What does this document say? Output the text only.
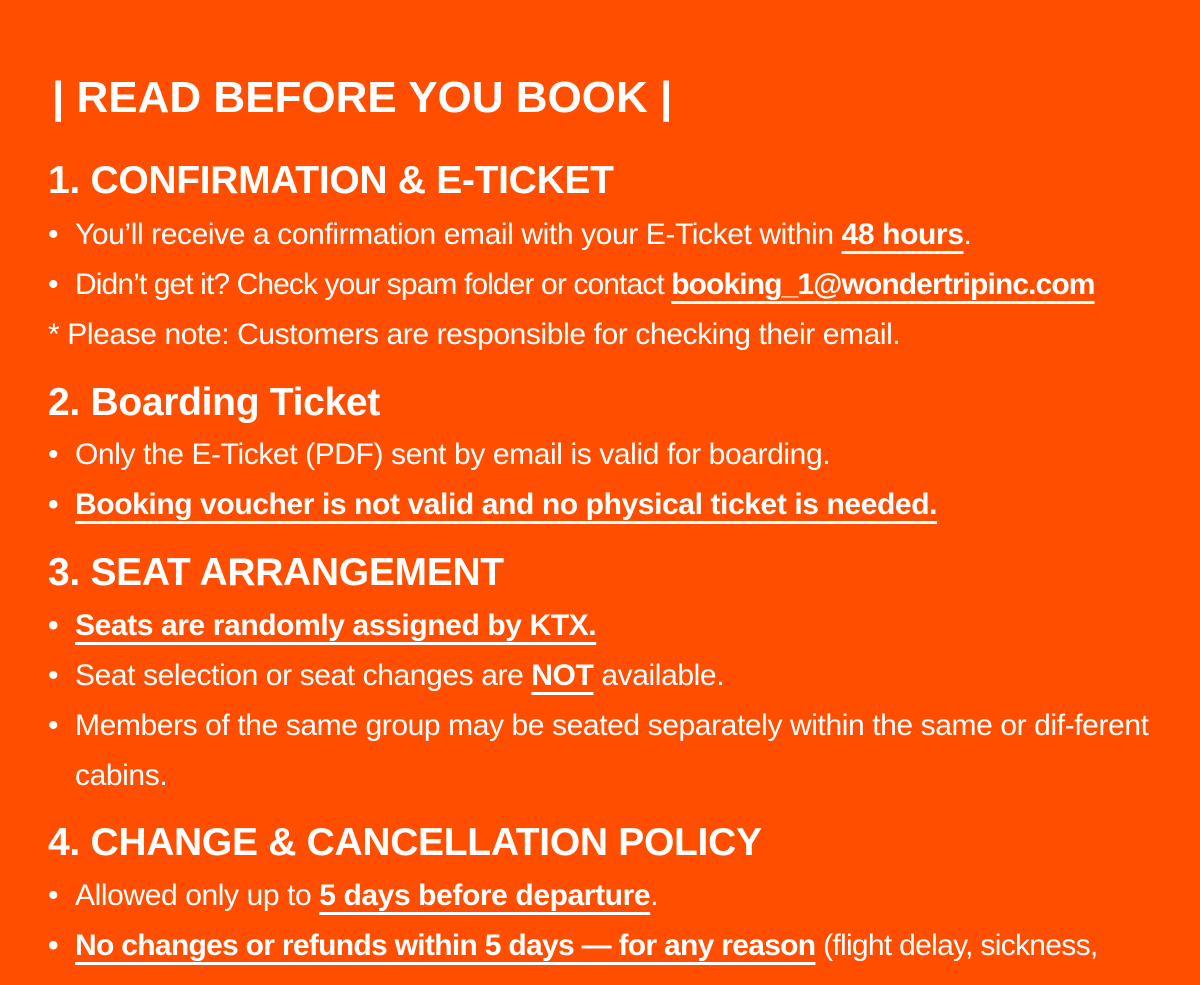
| READ BEFORE YOU BOOK |
1. CONFIRMATION & E-TICKET
• You’ll receive a confirmation email with your E-Ticket within 48 hours.
• Didn’t get it? Check your spam folder or contact booking_1@wondertripinc.com
* Please note: Customers are responsible for checking their email.
2. Boarding Ticket
• Only the E-Ticket (PDF) sent by email is valid for boarding.
• Booking voucher is not valid and no physical ticket is needed.
3. SEAT ARRANGEMENT
• Seats are randomly assigned by KTX.
• Seat selection or seat changes are NOT available.
• Members of the same group may be seated separately within the same or dif-ferent cabins.
4. CHANGE & CANCELLATION POLICY
• Allowed only up to 5 days before departure.
• No changes or refunds within 5 days — for any reason (flight delay, sickness,
